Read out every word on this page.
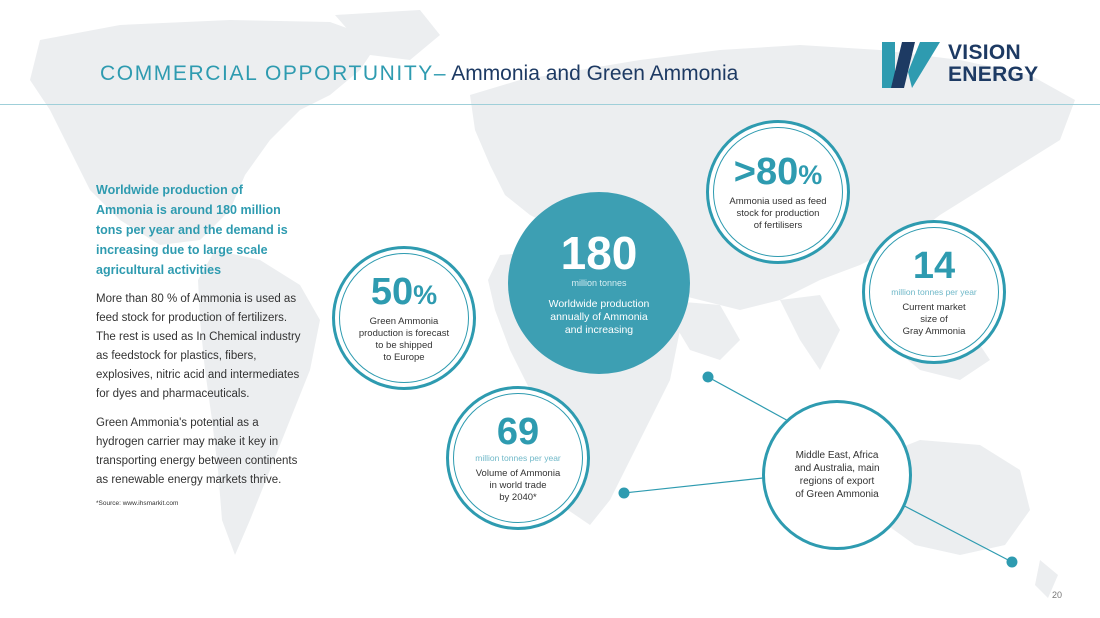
COMMERCIAL OPPORTUNITY– Ammonia and Green Ammonia
VISION
ENERGY

Worldwide production of Ammonia is around 180 million tons per year and the demand is increasing due to large scale agricultural activities

More than 80 % of Ammonia is used as feed stock for production of fertilizers. The rest is used as In Chemical industry as feedstock for plastics, fibers, explosives, nitric acid and intermediates for dyes and pharmaceuticals.

Green Ammonia's potential as a hydrogen carrier may make it key in transporting energy between continents as renewable energy markets thrive.

*Source: www.ihsmarkit.com
180
million tonnes
Worldwide production
annually of Ammonia
and increasing
>80%
Ammonia used as feed
stock for production
of fertilisers
14
million tonnes per year
Current market
size of
Gray Ammonia
50%
Green Ammonia
production is forecast
to be shipped
to Europe
69
million tonnes per year
Volume of Ammonia
in world trade
by 2040*
Middle East, Africa
and Australia, main
regions of export
of Green Ammonia
20
